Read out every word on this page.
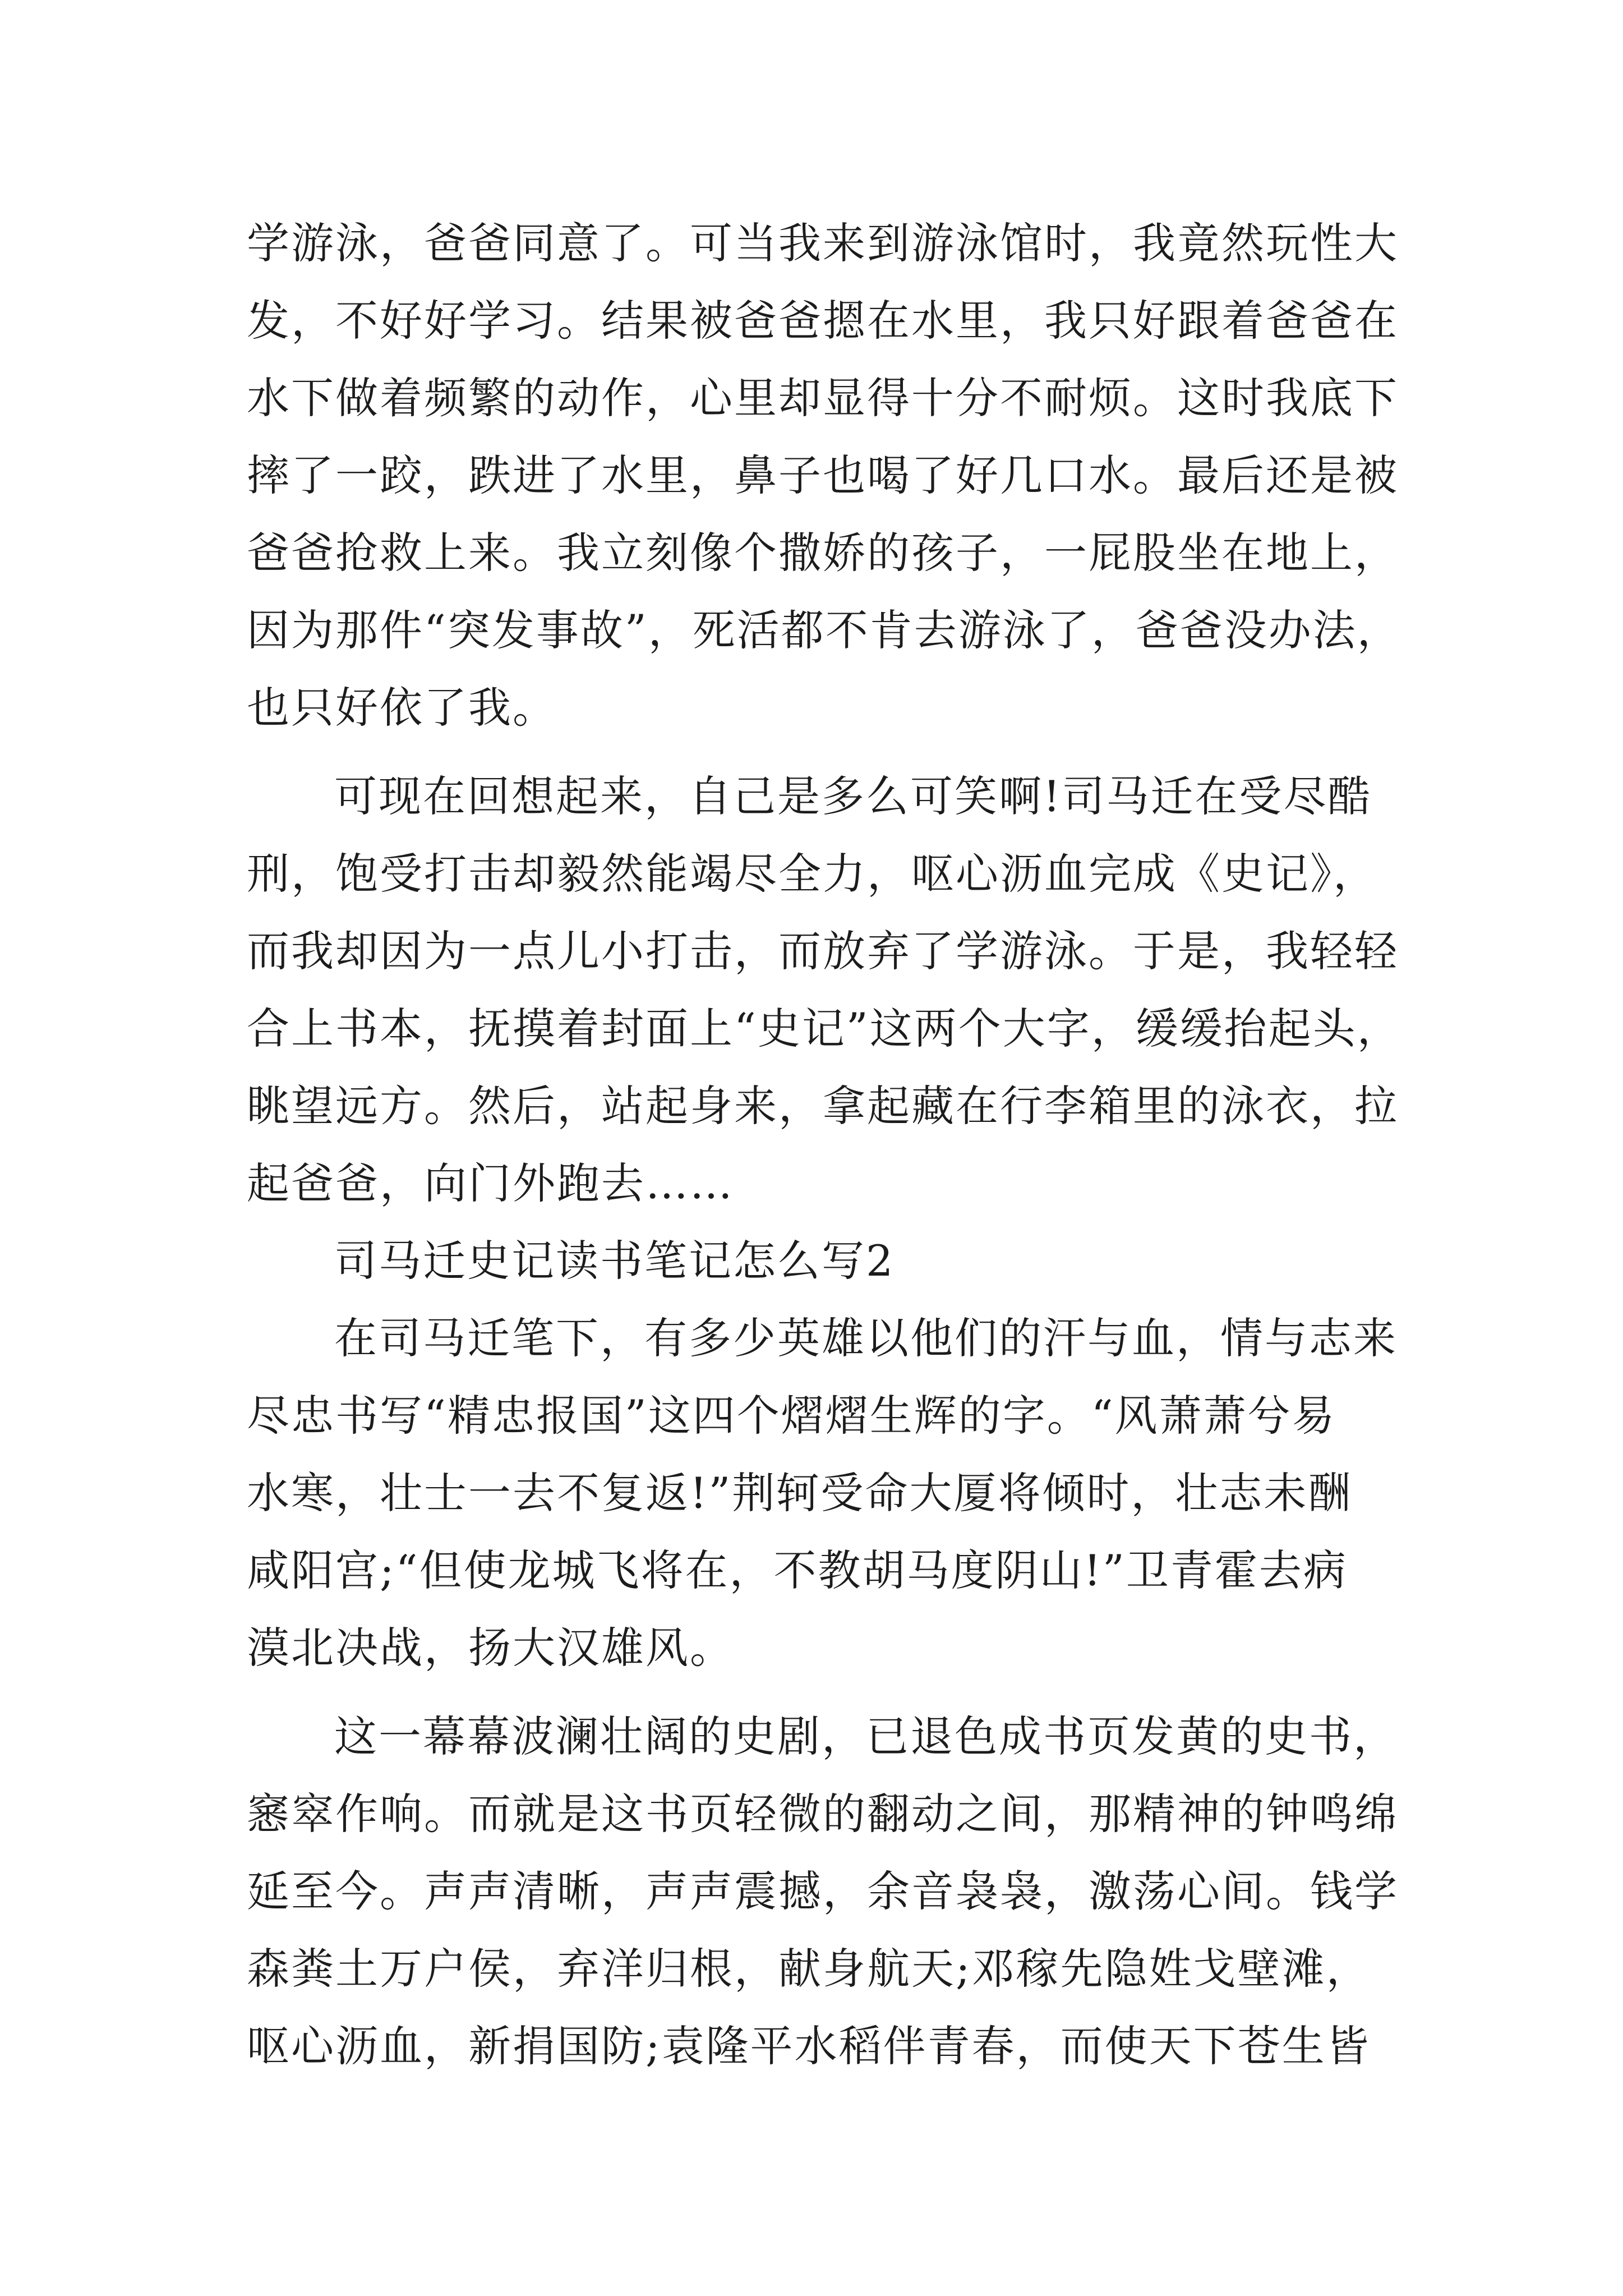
学游泳，爸爸同意了。可当我来到游泳馆时，我竟然玩性大
发，不好好学习。结果被爸爸摁在水里，我只好跟着爸爸在
水下做着频繁的动作，心里却显得十分不耐烦。这时我底下
摔了一跤，跌进了水里，鼻子也喝了好几口水。最后还是被
爸爸抢救上来。我立刻像个撒娇的孩子，一屁股坐在地上，
因为那件“突发事故”，死活都不肯去游泳了，爸爸没办法，
也只好依了我。
可现在回想起来，自己是多么可笑啊!司马迁在受尽酷
刑，饱受打击却毅然能竭尽全力，呕心沥血完成《史记》，
而我却因为一点儿小打击，而放弃了学游泳。于是，我轻轻
合上书本，抚摸着封面上“史记”这两个大字，缓缓抬起头，
眺望远方。然后，站起身来，拿起藏在行李箱里的泳衣，拉
起爸爸，向门外跑去……
司马迁史记读书笔记怎么写2
在司马迁笔下，有多少英雄以他们的汗与血，情与志来
尽忠书写“精忠报国”这四个熠熠生辉的字。“风萧萧兮易
水寒，壮士一去不复返!”荆轲受命大厦将倾时，壮志未酬
咸阳宫;“但使龙城飞将在，不教胡马度阴山!”卫青霍去病
漠北决战，扬大汉雄风。
这一幕幕波澜壮阔的史剧，已退色成书页发黄的史书，
窸窣作响。而就是这书页轻微的翻动之间，那精神的钟鸣绵
延至今。声声清晰，声声震撼，余音袅袅，激荡心间。钱学
森粪土万户侯，弃洋归根，献身航天;邓稼先隐姓戈壁滩，
呕心沥血，新捐国防;袁隆平水稻伴青春，而使天下苍生皆
